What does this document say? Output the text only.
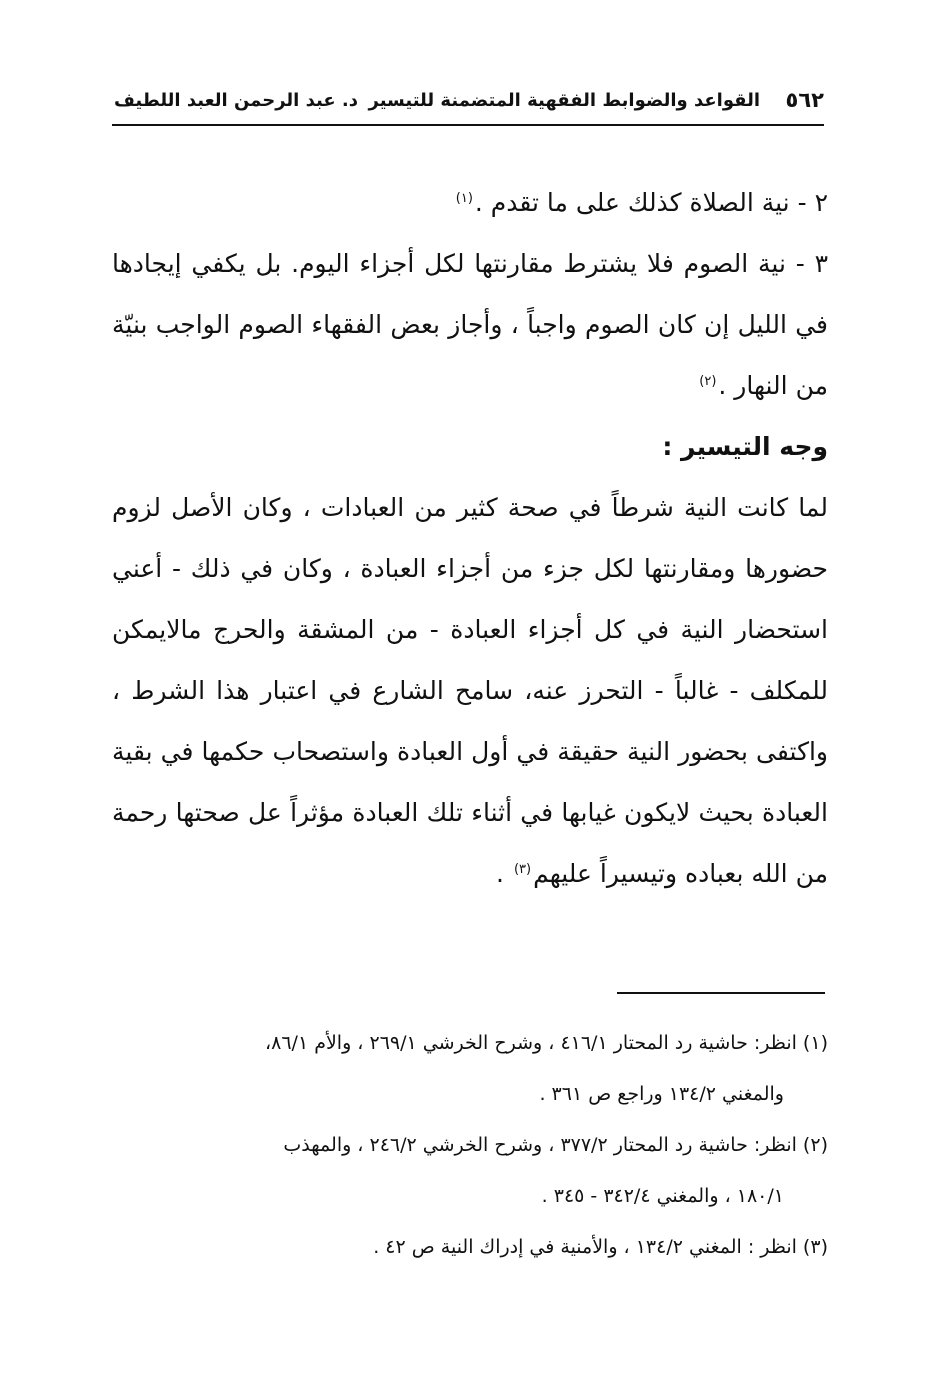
٥٦٢
القواعد والضوابط الفقهية المتضمنة للتيسير
د. عبد الرحمن العبد اللطيف

٢ - نية الصلاة كذلك على ما تقدم .$^{(١)}$

٣ - نية الصوم فلا يشترط مقارنتها لكل أجزاء اليوم. بل يكفي إيجادها في الليل إن كان الصوم واجباً ، وأجاز بعض الفقهاء الصوم الواجب بنيّة من النهار .$^{(٢)}$

وجه التيسير :

لما كانت النية شرطاً في صحة كثير من العبادات ، وكان الأصل لزوم حضورها ومقارنتها لكل جزء من أجزاء العبادة ، وكان في ذلك - أعني استحضار النية في كل أجزاء العبادة - من المشقة والحرج مالايمكن للمكلف - غالباً - التحرز عنه، سامح الشارع في اعتبار هذا الشرط ، واكتفى بحضور النية حقيقة في أول العبادة واستصحاب حكمها في بقية العبادة بحيث لايكون غيابها في أثناء تلك العبادة مؤثراً عل صحتها رحمة من الله بعباده وتيسيراً عليهم$^{(٣)}$ .

(١) انظر: حاشية رد المحتار ٤١٦/١ ، وشرح الخرشي ٢٦٩/١ ، والأم ٨٦/١،
والمغني ١٣٤/٢ وراجع ص ٣٦١ .

(٢) انظر: حاشية رد المحتار ٣٧٧/٢ ، وشرح الخرشي ٢٤٦/٢ ، والمهذب
١٨٠/١ ، والمغني ٣٤٢/٤ - ٣٤٥ .

(٣) انظر : المغني ١٣٤/٢ ، والأمنية في إدراك النية ص ٤٢ .
